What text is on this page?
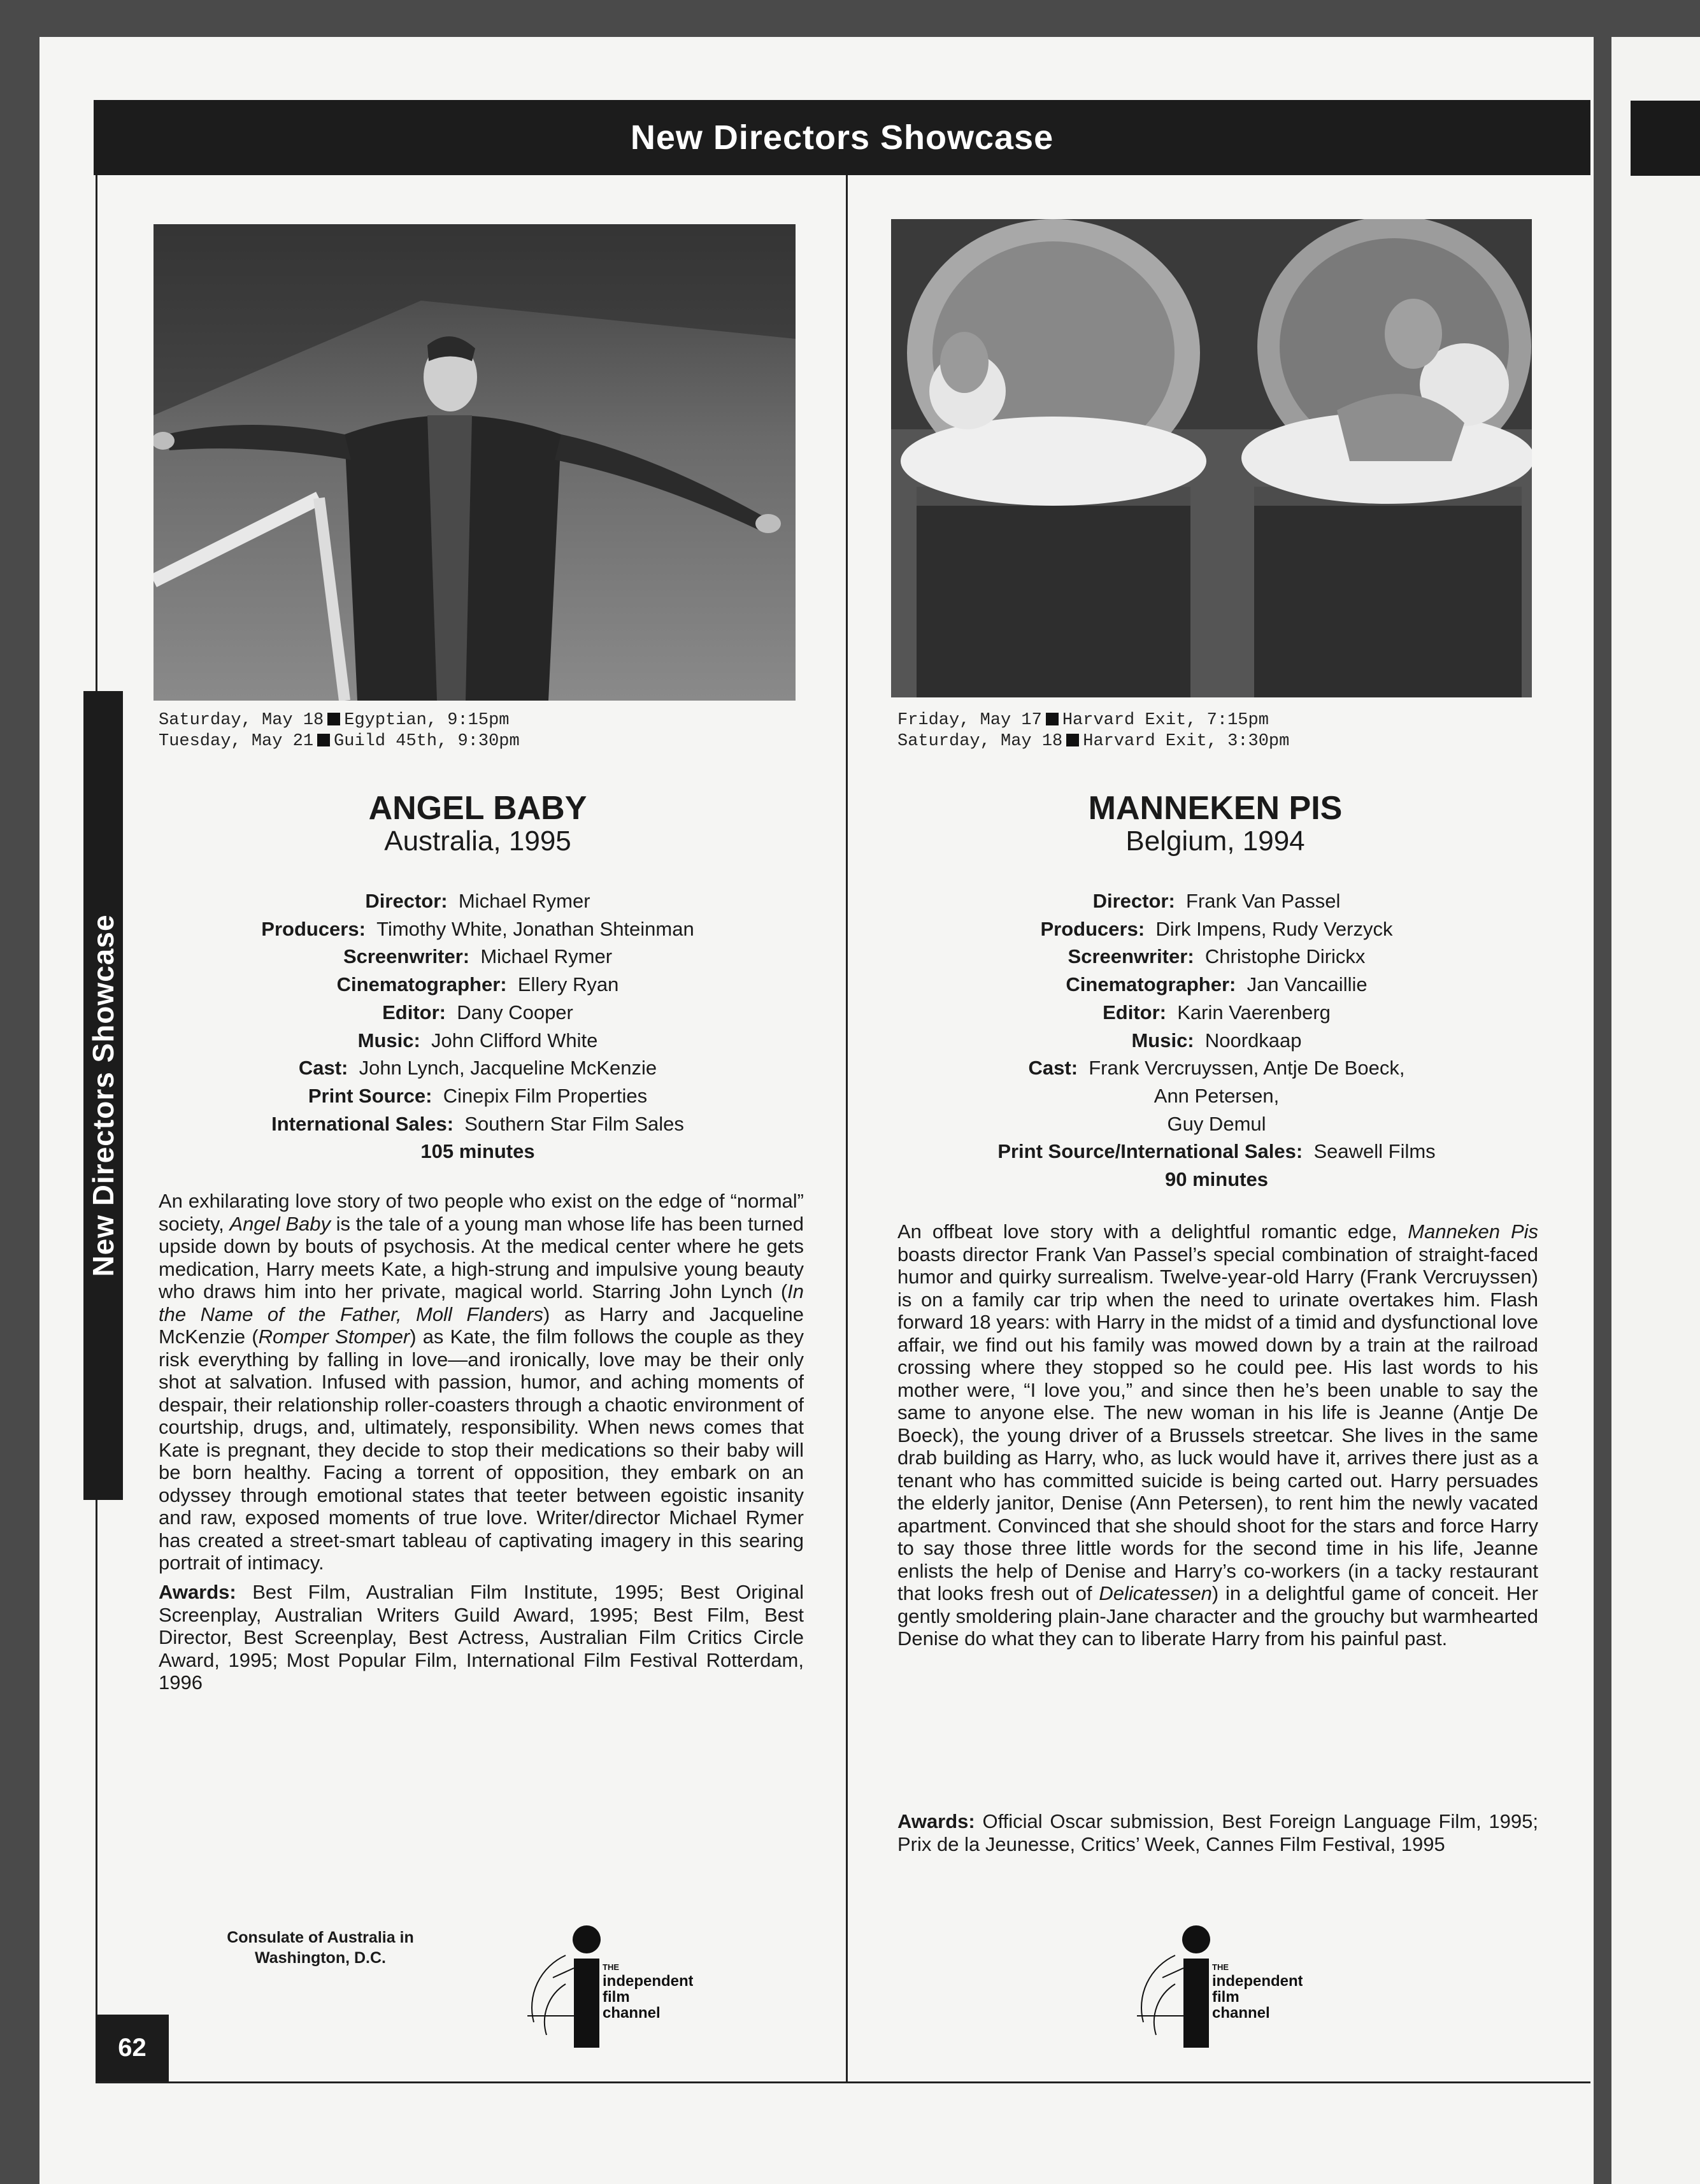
New Directors Showcase
New Directors Showcase
62
Saturday, May 18 Egyptian, 9:15pm
Tuesday, May 21 Guild 45th, 9:30pm
ANGEL BABY
Australia, 1995
Director: Michael Rymer
Producers: Timothy White, Jonathan Shteinman
Screenwriter: Michael Rymer
Cinematographer: Ellery Ryan
Editor: Dany Cooper
Music: John Clifford White
Cast: John Lynch, Jacqueline McKenzie
Print Source: Cinepix Film Properties
International Sales: Southern Star Film Sales
105 minutes
An exhilarating love story of two people who exist on the edge of “normal” society, Angel Baby is the tale of a young man whose life has been turned upside down by bouts of psychosis. At the medical center where he gets medication, Harry meets Kate, a high-strung and impulsive young beauty who draws him into her private, magical world. Starring John Lynch (In the Name of the Father, Moll Flanders) as Harry and Jacqueline McKenzie (Romper Stomper) as Kate, the film follows the couple as they risk everything by falling in love—and ironically, love may be their only shot at salvation. Infused with passion, humor, and aching moments of despair, their relationship roller-coasters through a chaotic environment of courtship, drugs, and, ultimately, responsibility. When news comes that Kate is pregnant, they decide to stop their medications so their baby will be born healthy. Facing a torrent of opposition, they embark on an odyssey through emotional states that teeter between egoistic insanity and raw, exposed moments of true love. Writer/director Michael Rymer has created a street-smart tableau of captivating imagery in this searing portrait of intimacy.
Awards: Best Film, Australian Film Institute, 1995; Best Original Screenplay, Australian Writers Guild Award, 1995; Best Film, Best Director, Best Screenplay, Best Actress, Australian Film Critics Circle Award, 1995; Most Popular Film, International Film Festival Rotterdam, 1996
Consulate of Australia in Washington, D.C.
THE
independent
film
channel
Friday, May 17 Harvard Exit, 7:15pm
Saturday, May 18 Harvard Exit, 3:30pm
MANNEKEN PIS
Belgium, 1994
Director: Frank Van Passel
Producers: Dirk Impens, Rudy Verzyck
Screenwriter: Christophe Dirickx
Cinematographer: Jan Vancaillie
Editor: Karin Vaerenberg
Music: Noordkaap
Cast: Frank Vercruyssen, Antje De Boeck,
Ann Petersen,
Guy Demul
Print Source/International Sales: Seawell Films
90 minutes
An offbeat love story with a delightful romantic edge, Manneken Pis boasts director Frank Van Passel’s special combination of straight-faced humor and quirky surrealism. Twelve-year-old Harry (Frank Vercruyssen) is on a family car trip when the need to urinate overtakes him. Flash forward 18 years: with Harry in the midst of a timid and dysfunctional love affair, we find out his family was mowed down by a train at the railroad crossing where they stopped so he could pee. His last words to his mother were, “I love you,” and since then he’s been unable to say the same to anyone else. The new woman in his life is Jeanne (Antje De Boeck), the young driver of a Brussels streetcar. She lives in the same drab building as Harry, who, as luck would have it, arrives there just as a tenant who has committed suicide is being carted out. Harry persuades the elderly janitor, Denise (Ann Petersen), to rent him the newly vacated apartment. Convinced that she should shoot for the stars and force Harry to say those three little words for the second time in his life, Jeanne enlists the help of Denise and Harry’s co-workers (in a tacky restaurant that looks fresh out of Delicatessen) in a delightful game of conceit. Her gently smoldering plain-Jane character and the grouchy but warmhearted Denise do what they can to liberate Harry from his painful past.
Awards: Official Oscar submission, Best Foreign Language Film, 1995; Prix de la Jeunesse, Critics’ Week, Cannes Film Festival, 1995
THE
independent
film
channel
